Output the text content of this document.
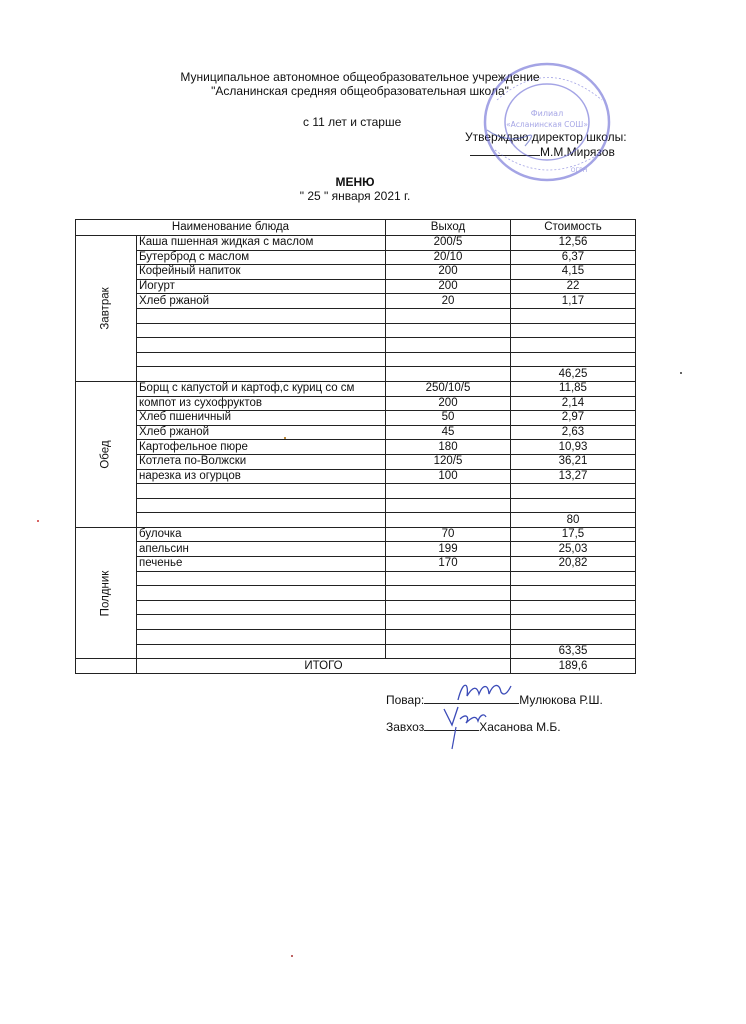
Муниципальное автономное общеобразовательное учреждение
"Асланинская средняя общеобразовательная школа"
с 11 лет и старше
Утверждаю директор школы:
М.М.Мирязов
Филиал
«Асланинская СОШ»
ОГРН
МЕНЮ
" 25 " января 2021 г.
Наименование блюда		Выход	Стоимость
Завтрак	Каша пшенная жидкая с маслом	200/5	12,56
	Бутерброд с маслом	20/10	6,37
	Кофейный напиток	200	4,15
	Йогурт	200	22
	Хлеб ржаной	20	1,17

			46,25
Обед	Борщ с капустой и картоф,с куриц со см	250/10/5	11,85
	компот из сухофруктов	200	2,14
	Хлеб пшеничный	50	2,97
	Хлеб ржаной	45	2,63
	Картофельное пюре	180	10,93
	Котлета по-Волжски	120/5	36,21
	нарезка из огурцов	100	13,27

			80
Полдник	булочка	70	17,5
	апельсин	199	25,03
	печенье	170	20,82

			63,35
	ИТОГО		189,6
Повар:	Мулюкова Р.Ш.
Завхоз	Хасанова М.Б.
